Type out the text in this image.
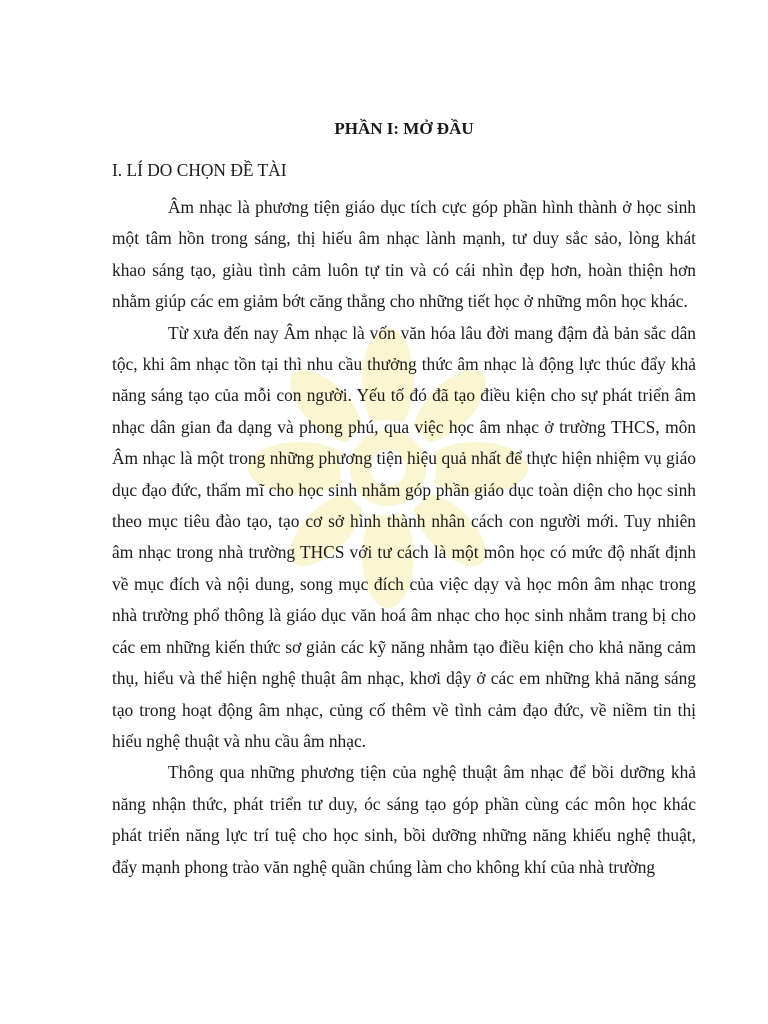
PHẦN I: MỞ ĐẦU
I. LÍ DO CHỌN ĐỀ TÀI

Âm nhạc là phương tiện giáo dục tích cực góp phần hình thành ở học sinh một tâm hồn trong sáng, thị hiếu âm nhạc lành mạnh, tư duy sắc sảo, lòng khát khao sáng tạo, giàu tình cảm luôn tự tin và có cái nhìn đẹp hơn, hoàn thiện hơn nhằm giúp các em giảm bớt căng thẳng cho những tiết học ở những môn học khác.

Từ xưa đến nay Âm nhạc là vốn văn hóa lâu đời mang đậm đà bản sắc dân tộc, khi âm nhạc tồn tại thì nhu cầu thưởng thức âm nhạc là động lực thúc đẩy khả năng sáng tạo của mỗi con người. Yếu tố đó đã tạo điều kiện cho sự phát triển âm nhạc dân gian đa dạng và phong phú, qua việc học âm nhạc ở trường THCS, môn Âm nhạc là một trong những phương tiện hiệu quả nhất để thực hiện nhiệm vụ giáo dục đạo đức, thẩm mĩ cho học sinh nhằm góp phần giáo dục toàn diện cho học sinh theo mục tiêu đào tạo, tạo cơ sở hình thành nhân cách con người mới. Tuy nhiên âm nhạc trong nhà trường THCS với tư cách là một môn học có mức độ nhất định về mục đích và nội dung, song mục đích của việc dạy và học môn âm nhạc trong nhà trường phổ thông là giáo dục văn hoá âm nhạc cho học sinh nhằm trang bị cho các em những kiến thức sơ giản các kỹ năng nhằm tạo điều kiện cho khả năng cảm thụ, hiểu và thể hiện nghệ thuật âm nhạc, khơi dậy ở các em những khả năng sáng tạo trong hoạt động âm nhạc, củng cố thêm về tình cảm đạo đức, về niềm tin thị hiếu nghệ thuật và nhu cầu âm nhạc.

Thông qua những phương tiện của nghệ thuật âm nhạc để bồi dưỡng khả năng nhận thức, phát triển tư duy, óc sáng tạo góp phần cùng các môn học khác phát triển năng lực trí tuệ cho học sinh, bồi dưỡng những năng khiếu nghệ thuật, đẩy mạnh phong trào văn nghệ quần chúng làm cho không khí của nhà trường
